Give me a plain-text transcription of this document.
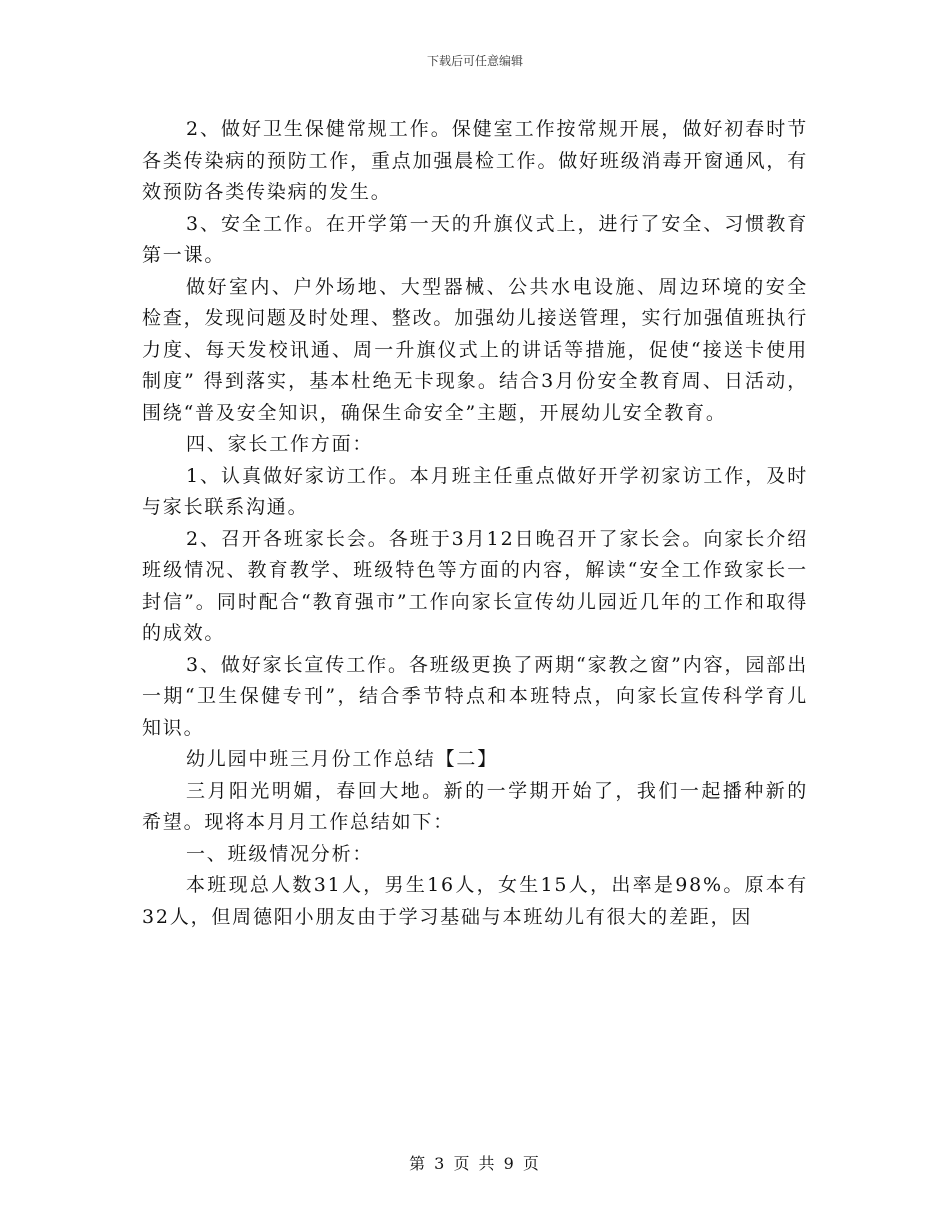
下载后可任意编辑

2、做好卫生保健常规工作。保健室工作按常规开展，做好初春时节各类传染病的预防工作，重点加强晨检工作。做好班级消毒开窗通风，有效预防各类传染病的发生。

3、安全工作。在开学第一天的升旗仪式上，进行了安全、习惯教育第一课。

做好室内、户外场地、大型器械、公共水电设施、周边环境的安全检查，发现问题及时处理、整改。加强幼儿接送管理，实行加强值班执行力度、每天发校讯通、周一升旗仪式上的讲话等措施，促使“接送卡使用制度” 得到落实，基本杜绝无卡现象。结合3月份安全教育周、日活动，围绕“普及安全知识，确保生命安全”主题，开展幼儿安全教育。

四、家长工作方面：

1、认真做好家访工作。本月班主任重点做好开学初家访工作，及时与家长联系沟通。

2、召开各班家长会。各班于3月12日晚召开了家长会。向家长介绍班级情况、教育教学、班级特色等方面的内容，解读“安全工作致家长一封信”。同时配合“教育强市”工作向家长宣传幼儿园近几年的工作和取得的成效。

3、做好家长宣传工作。各班级更换了两期“家教之窗”内容，园部出一期“卫生保健专刊”，结合季节特点和本班特点，向家长宣传科学育儿知识。

幼儿园中班三月份工作总结【二】

三月阳光明媚，春回大地。新的一学期开始了，我们一起播种新的希望。现将本月月工作总结如下：

一、班级情况分析：

本班现总人数31人，男生16人，女生15人，出率是98%。原本有32人，但周德阳小朋友由于学习基础与本班幼儿有很大的差距，因

第 3 页 共 9 页
